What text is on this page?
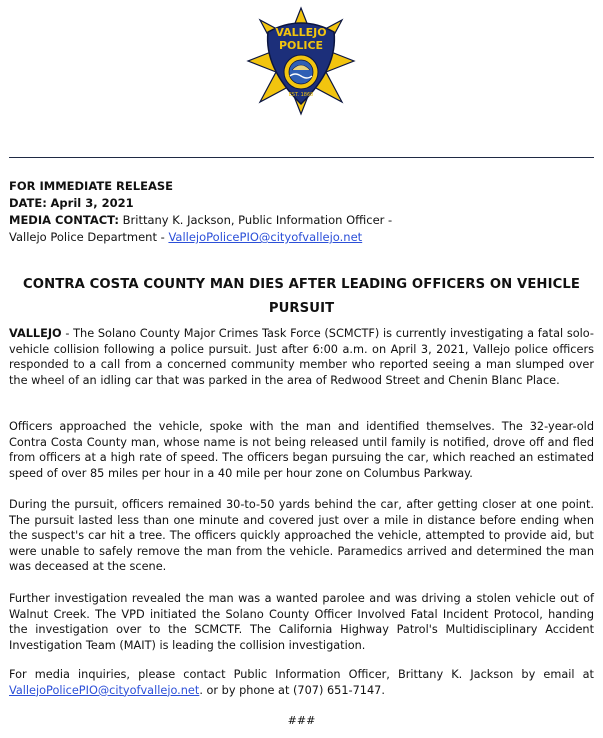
VALLEJO
POLICE
EST. 1868
FOR IMMEDIATE RELEASE
DATE: April 3, 2021
MEDIA CONTACT: Brittany K. Jackson, Public Information Officer -
Vallejo Police Department - VallejoPolicePIO@cityofvallejo.net
CONTRA COSTA COUNTY MAN DIES AFTER LEADING OFFICERS ON VEHICLE PURSUIT

VALLEJO - The Solano County Major Crimes Task Force (SCMCTF) is currently investigating a fatal solo-vehicle collision following a police pursuit. Just after 6:00 a.m. on April 3, 2021, Vallejo police officers responded to a call from a concerned community member who reported seeing a man slumped over the wheel of an idling car that was parked in the area of Redwood Street and Chenin Blanc Place.

Officers approached the vehicle, spoke with the man and identified themselves. The 32-year-old Contra Costa County man, whose name is not being released until family is notified, drove off and fled from officers at a high rate of speed. The officers began pursuing the car, which reached an estimated speed of over 85 miles per hour in a 40 mile per hour zone on Columbus Parkway.

During the pursuit, officers remained 30-to-50 yards behind the car, after getting closer at one point. The pursuit lasted less than one minute and covered just over a mile in distance before ending when the suspect's car hit a tree. The officers quickly approached the vehicle, attempted to provide aid, but were unable to safely remove the man from the vehicle. Paramedics arrived and determined the man was deceased at the scene.

Further investigation revealed the man was a wanted parolee and was driving a stolen vehicle out of Walnut Creek. The VPD initiated the Solano County Officer Involved Fatal Incident Protocol, handing the investigation over to the SCMCTF. The California Highway Patrol's Multidisciplinary Accident Investigation Team (MAIT) is leading the collision investigation.

For media inquiries, please contact Public Information Officer, Brittany K. Jackson by email at VallejoPolicePIO@cityofvallejo.net. or by phone at (707) 651-7147.

###
